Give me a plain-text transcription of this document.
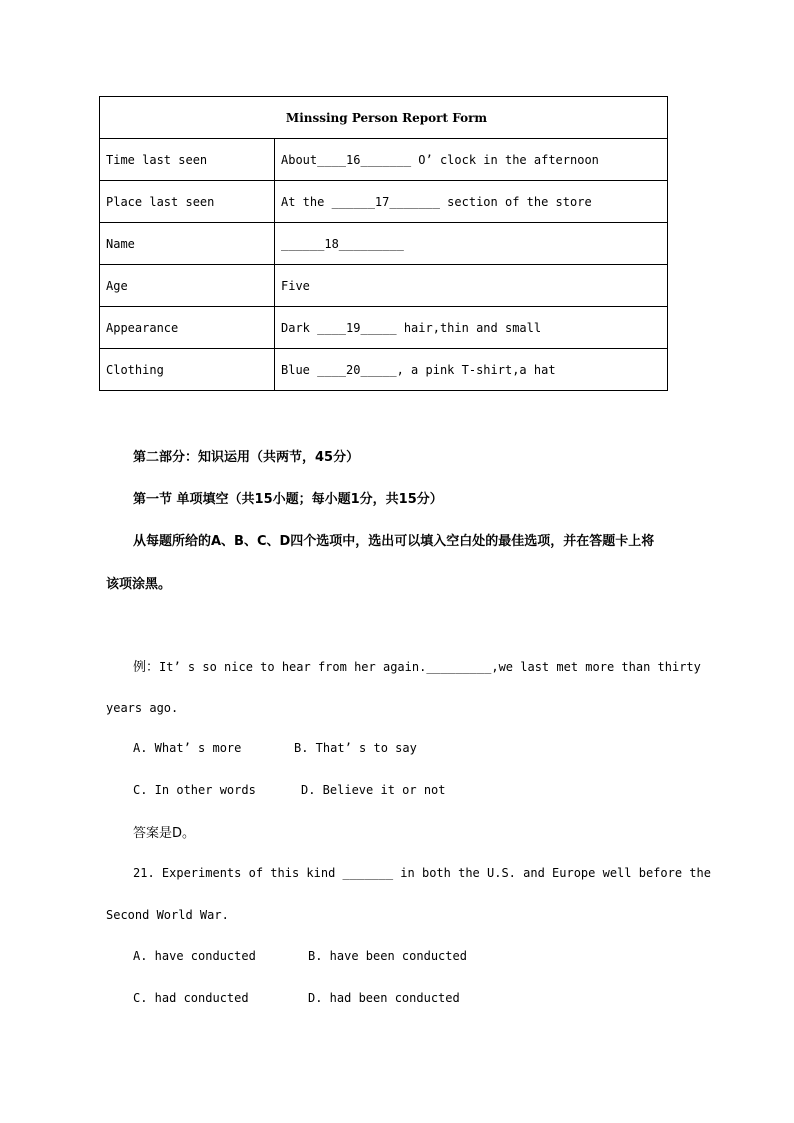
Minssing Person Report Form	
Time last seen	About____16_______ O’ clock in the afternoon
Place last seen	At the ______17_______ section of the store
Name	______18_________
Age	Five
Appearance	Dark ____19_____ hair,thin and small
Clothing	Blue ____20_____, a pink T-shirt,a hat
第二部分：知识运用（共两节，45分）
第一节 单项填空（共15小题；每小题1分，共15分）
从每题所给的A、B、C、D四个选项中，选出可以填入空白处的最佳选项，并在答题卡上将
该项涂黑。
例：It’ s so nice to hear from her again._________,we last met more than thirty
years ago.
A. What’ s more	B. That’ s to say
C. In other words	D. Believe it or not
答案是D。
21. Experiments of this kind _______ in both the U.S. and Europe well before the
Second World War.
A. have conducted	B. have been conducted
C. had conducted	D. had been conducted
